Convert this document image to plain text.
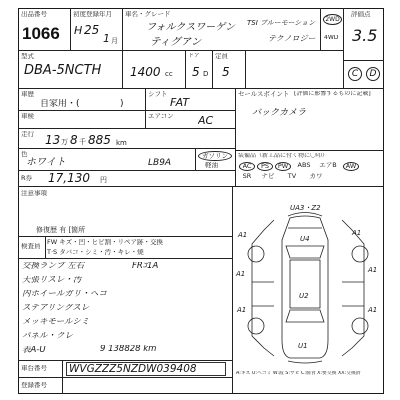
出品番号
1066
初度登録年月
H 25
1 月
車名・グレード
フォルクスワーゲン
ティグアン
TSI ブルーモーション
テクノロジー
2WD
4WD
評価点
3.5
C	D
型式
DBA-5NCTH	1400 cc
ドア
5 D
定員
5
車歴
自家用・(	)
シフト
FAT
セールスポイント [評価に影響するものに記載]
バックカメラ
車検	エアコン AC
走行 13 万 8 千 885 km
色
ホワイト	LB9A
ガソリン
軽油
R券	17,130	円
装備品（新工品に付く物に〇印）
AC	PS	PW	ABS	エアB	AW
SR	ナビ	TV	カワ
注意事項
修復歴 有 [箇所
検査員	FW キズ・凹・ヒビ割・リペア跡・交換
T·S タバコ・シミ・汚・キレ・焼
交換ランプ 左右	FRｺ1A
天張リスレ・汚
内ホイールガリ・ヘコ
ステアリングスレ
メッキモールシミ
パネル・クレ
表A-U	9 138828 km
車台番号	WVGZZZ5NZDW039408
登録番号
UA3・Z2
A1	A1
U4
A1	A1
U2
A1	A1
U1
A:キズ U:ヘコミ W:波 S:サビ C:腐食 X:要交換 XX:交換済
